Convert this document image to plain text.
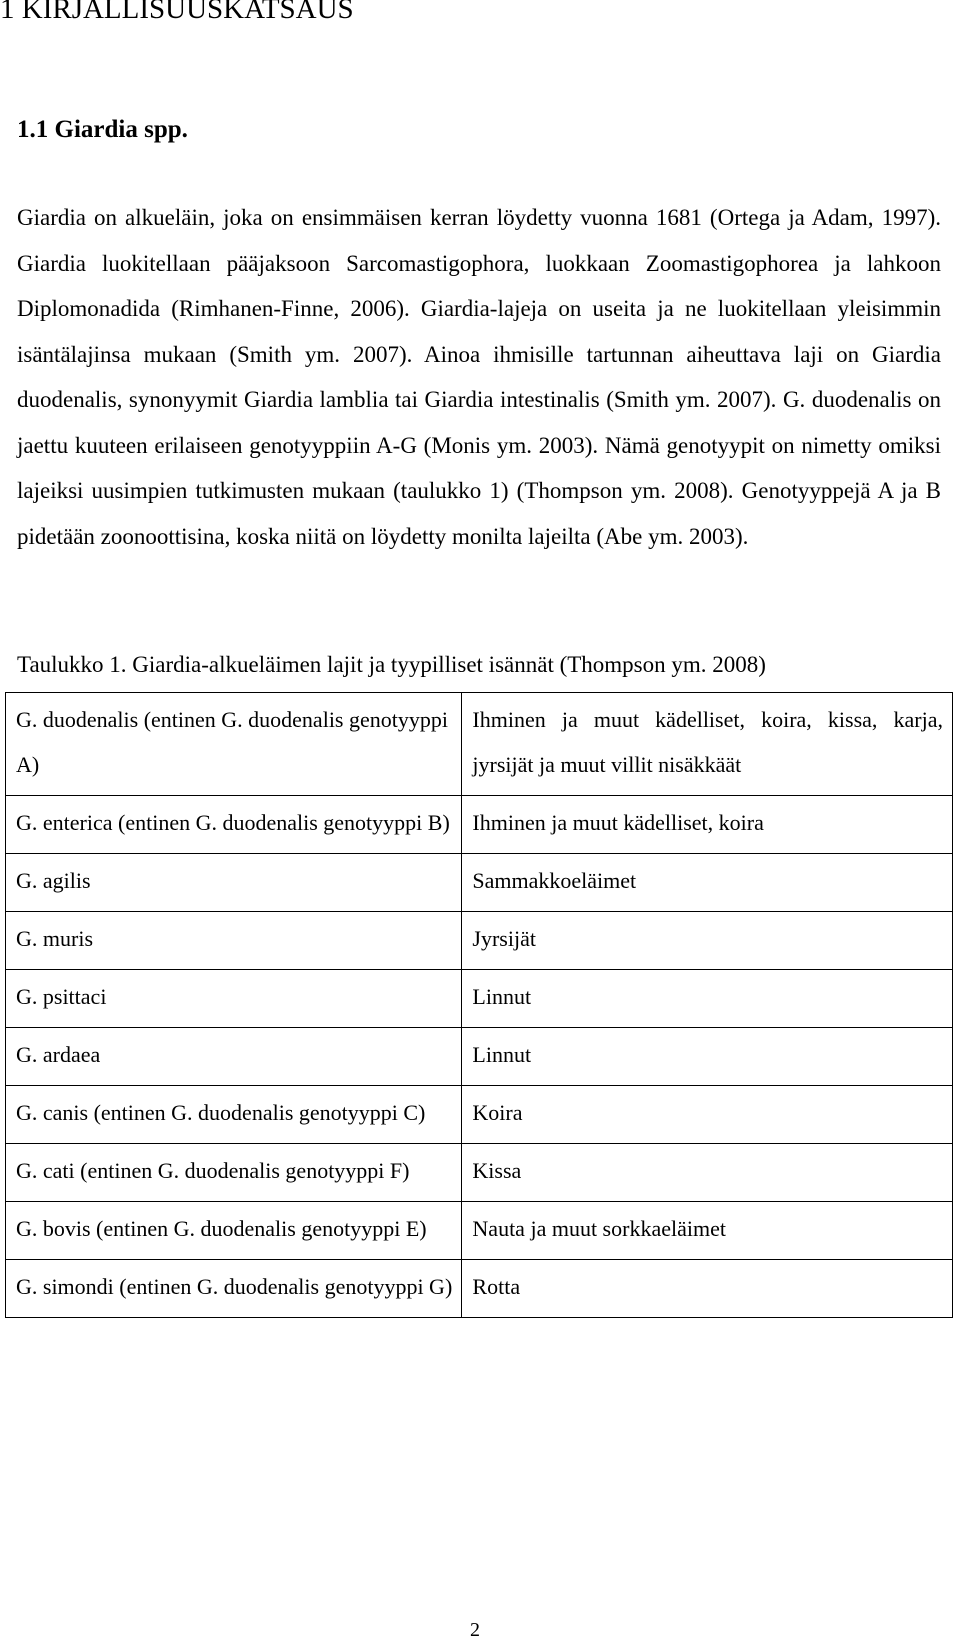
1 KIRJALLISUUSKATSAUS
1.1 Giardia spp.

Giardia on alkueläin, joka on ensimmäisen kerran löydetty vuonna 1681 (Ortega ja Adam, 1997). Giardia luokitellaan pääjaksoon Sarcomastigophora, luokkaan Zoomastigophorea ja lahkoon Diplomonadida (Rimhanen-Finne, 2006). Giardia-lajeja on useita ja ne luokitellaan yleisimmin isäntälajinsa mukaan (Smith ym. 2007). Ainoa ihmisille tartunnan aiheuttava laji on Giardia duodenalis, synonyymit Giardia lamblia tai Giardia intestinalis (Smith ym. 2007). G. duodenalis on jaettu kuuteen erilaiseen genotyyppiin A-G (Monis ym. 2003). Nämä genotyypit on nimetty omiksi lajeiksi uusimpien tutkimusten mukaan (taulukko 1) (Thompson ym. 2008). Genotyyppejä A ja B pidetään zoonoottisina, koska niitä on löydetty monilta lajeilta (Abe ym. 2003).

Taulukko 1. Giardia-alkueläimen lajit ja tyypilliset isännät (Thompson ym. 2008)

G. duodenalis (entinen G. duodenalis genotyyppi A)	Ihminen ja muut kädelliset, koira, kissa, karja, jyrsijät ja muut villit nisäkkäät
G. enterica (entinen G. duodenalis genotyyppi B)	Ihminen ja muut kädelliset, koira
G. agilis	Sammakkoeläimet
G. muris	Jyrsijät
G. psittaci	Linnut
G. ardaea	Linnut
G. canis (entinen G. duodenalis genotyyppi C)	Koira
G. cati (entinen G. duodenalis genotyyppi F)	Kissa
G. bovis (entinen G. duodenalis genotyyppi E)	Nauta ja muut sorkkaeläimet
G. simondi (entinen G. duodenalis genotyyppi G)	Rotta
2
